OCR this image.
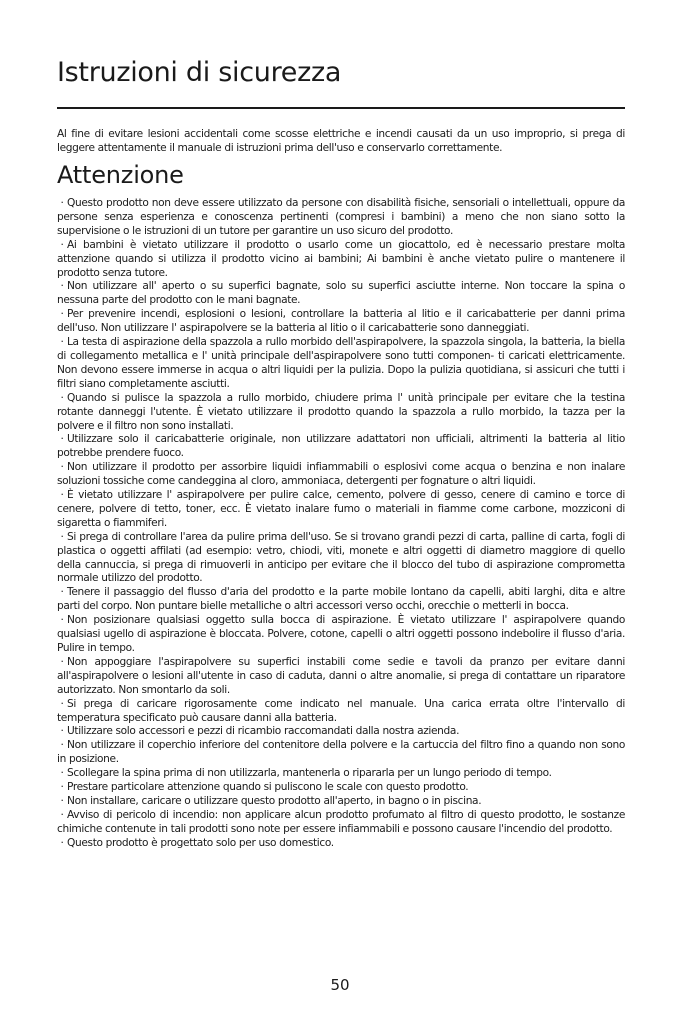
Istruzioni di sicurezza

Al fine di evitare lesioni accidentali come scosse elettriche e incendi causati da un uso improprio, si prega di leggere attentamente il manuale di istruzioni prima dell'uso e conservarlo correttamente.

Attenzione
· Questo prodotto non deve essere utilizzato da persone con disabilità fisiche, sensoriali o intellettuali, oppure da persone senza esperienza e conoscenza pertinenti (compresi i bambini) a meno che non siano sotto la supervisione o le istruzioni di un tutore per garantire un uso sicuro del prodotto.
· Ai bambini è vietato utilizzare il prodotto o usarlo come un giocattolo, ed è necessario prestare molta attenzione quando si utilizza il prodotto vicino ai bambini; Ai bambini è anche vietato pulire o mantenere il prodotto senza tutore.
· Non utilizzare all' aperto o su superfici bagnate, solo su superfici asciutte interne. Non toccare la spina o nessuna parte del prodotto con le mani bagnate.
· Per prevenire incendi, esplosioni o lesioni, controllare la batteria al litio e il caricabatterie per danni prima dell'uso. Non utilizzare l' aspirapolvere se la batteria al litio o il caricabatterie sono danneggiati.
· La testa di aspirazione della spazzola a rullo morbido dell'aspirapolvere, la spazzola singola, la batteria, la biella di collegamento metallica e l' unità principale dell'aspirapolvere sono tutti componen- ti caricati elettricamente. Non devono essere immerse in acqua o altri liquidi per la pulizia. Dopo la pulizia quotidiana, si assicuri che tutti i filtri siano completamente asciutti.
· Quando si pulisce la spazzola a rullo morbido, chiudere prima l' unità principale per evitare che la testina rotante danneggi l'utente. È vietato utilizzare il prodotto quando la spazzola a rullo morbido, la tazza per la polvere e il filtro non sono installati.
· Utilizzare solo il caricabatterie originale, non utilizzare adattatori non ufficiali, altrimenti la batteria al litio potrebbe prendere fuoco.
· Non utilizzare il prodotto per assorbire liquidi infiammabili o esplosivi come acqua o benzina e non inalare soluzioni tossiche come candeggina al cloro, ammoniaca, detergenti per fognature o altri liquidi.
· È vietato utilizzare l' aspirapolvere per pulire calce, cemento, polvere di gesso, cenere di camino e torce di cenere, polvere di tetto, toner, ecc. È vietato inalare fumo o materiali in fiamme come carbone, mozziconi di sigaretta o fiammiferi.
· Si prega di controllare l'area da pulire prima dell'uso. Se si trovano grandi pezzi di carta, palline di carta, fogli di plastica o oggetti affilati (ad esempio: vetro, chiodi, viti, monete e altri oggetti di diametro maggiore di quello della cannuccia, si prega di rimuoverli in anticipo per evitare che il blocco del tubo di aspirazione comprometta normale utilizzo del prodotto.
· Tenere il passaggio del flusso d'aria del prodotto e la parte mobile lontano da capelli, abiti larghi, dita e altre parti del corpo. Non puntare bielle metalliche o altri accessori verso occhi, orecchie o metterli in bocca.
· Non posizionare qualsiasi oggetto sulla bocca di aspirazione. È vietato utilizzare l' aspirapolvere quando qualsiasi ugello di aspirazione è bloccata. Polvere, cotone, capelli o altri oggetti possono indebolire il flusso d'aria. Pulire in tempo.
· Non appoggiare l'aspirapolvere su superfici instabili come sedie e tavoli da pranzo per evitare danni all'aspirapolvere o lesioni all'utente in caso di caduta, danni o altre anomalie, si prega di contattare un riparatore autorizzato. Non smontarlo da soli.
· Si prega di caricare rigorosamente come indicato nel manuale. Una carica errata oltre l'intervallo di temperatura specificato può causare danni alla batteria.
· Utilizzare solo accessori e pezzi di ricambio raccomandati dalla nostra azienda.
· Non utilizzare il coperchio inferiore del contenitore della polvere e la cartuccia del filtro fino a quando non sono in posizione.
· Scollegare la spina prima di non utilizzarla, mantenerla o ripararla per un lungo periodo di tempo.
· Prestare particolare attenzione quando si puliscono le scale con questo prodotto.
· Non installare, caricare o utilizzare questo prodotto all'aperto, in bagno o in piscina.
· Avviso di pericolo di incendio: non applicare alcun prodotto profumato al filtro di questo prodotto, le sostanze chimiche contenute in tali prodotti sono note per essere infiammabili e possono causare l'incendio del prodotto.
· Questo prodotto è progettato solo per uso domestico.
50
